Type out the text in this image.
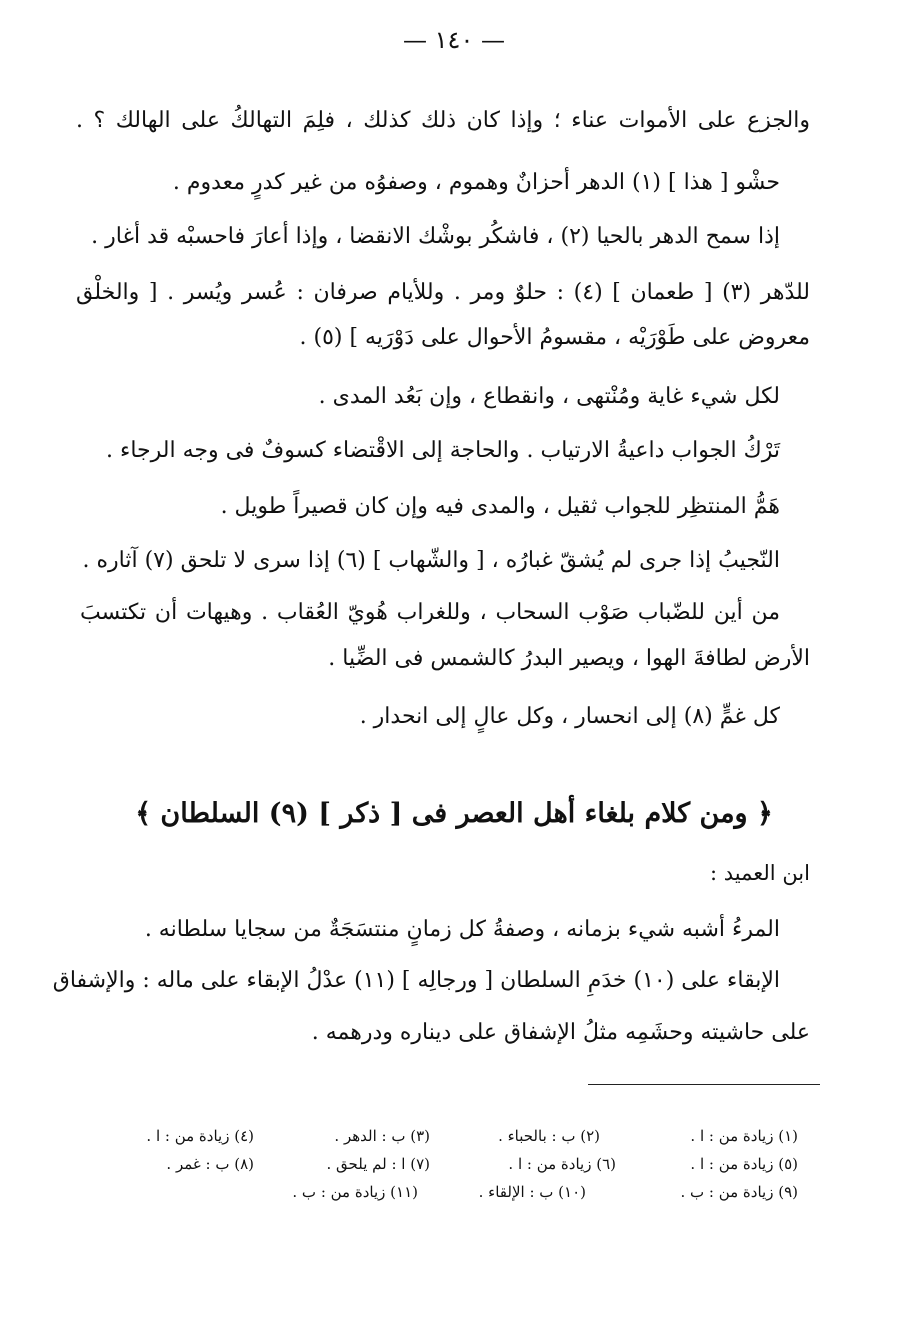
— ١٤٠ —
والجزع على الأموات عناء ؛ وإذا كان ذلك كذلك ، فلِمَ التهالكُ على الهالك ؟ .
حشْو [ هذا ] (١) الدهر أحزانٌ وهموم ، وصفوُه من غير كدرٍ معدوم .
إذا سمح الدهر بالحيا (٢) ، فاشكُر بوشْك الانقضا ، وإذا أعارَ فاحسبْه قد أغار .
للدّهر (٣) [ طعمان ] (٤) : حلوٌ ومر . وللأيام صرفان : عُسر ويُسر . [ والخلْق
معروض على طَوْرَيْه ، مقسومُ الأحوال على دَوْرَيه ] (٥) .
لكل شيء غاية ومُنْتهى ، وانقطاع ، وإن بَعُد المدى .
تَرْكُ الجواب داعيةُ الارتياب . والحاجة إلى الاقْتضاء كسوفٌ فى وجه الرجاء .
هَمُّ المنتظِر للجواب ثقيل ، والمدى فيه وإن كان قصيراً طويل .
النّجيبُ إذا جرى لم يُشقّ غبارُه ، [ والشّهاب ] (٦) إذا سرى لا تلحق (٧) آثاره .
من أين للضّباب صَوْب السحاب ، وللغراب هُويّ العُقاب . وهيهات أن تكتسبَ
الأرض لطافةَ الهوا ، ويصير البدرُ كالشمس فى الضِّيا .
كل غمٍّ (٨) إلى انحسار ، وكل عالٍ إلى انحدار .
﴿ ومن كلام بلغاء أهل العصر فى [ ذكر ] (٩) السلطان ﴾
ابن العميد :
المرءُ أشبه شيء بزمانه ، وصفةُ كل زمانٍ منتسَجَةٌ من سجايا سلطانه .
الإبقاء على (١٠) خدَمِ السلطان [ ورجالِه ] (١١) عدْلُ الإبقاء على ماله : والإشفاق
على حاشيته وحشَمِه مثلُ الإشفاق على ديناره ودرهمه .
(١) زيادة من : ا .
(٢) ب : بالحباء .
(٣) ب : الدهر .
(٤) زيادة من : ا .
(٥) زيادة من : ا .
(٦) زيادة من : ا .
(٧) ا : لم يلحق .
(٨) ب : غمر .
(٩) زيادة من : ب .
(١٠) ب : الإلقاء .
(١١) زيادة من : ب .
